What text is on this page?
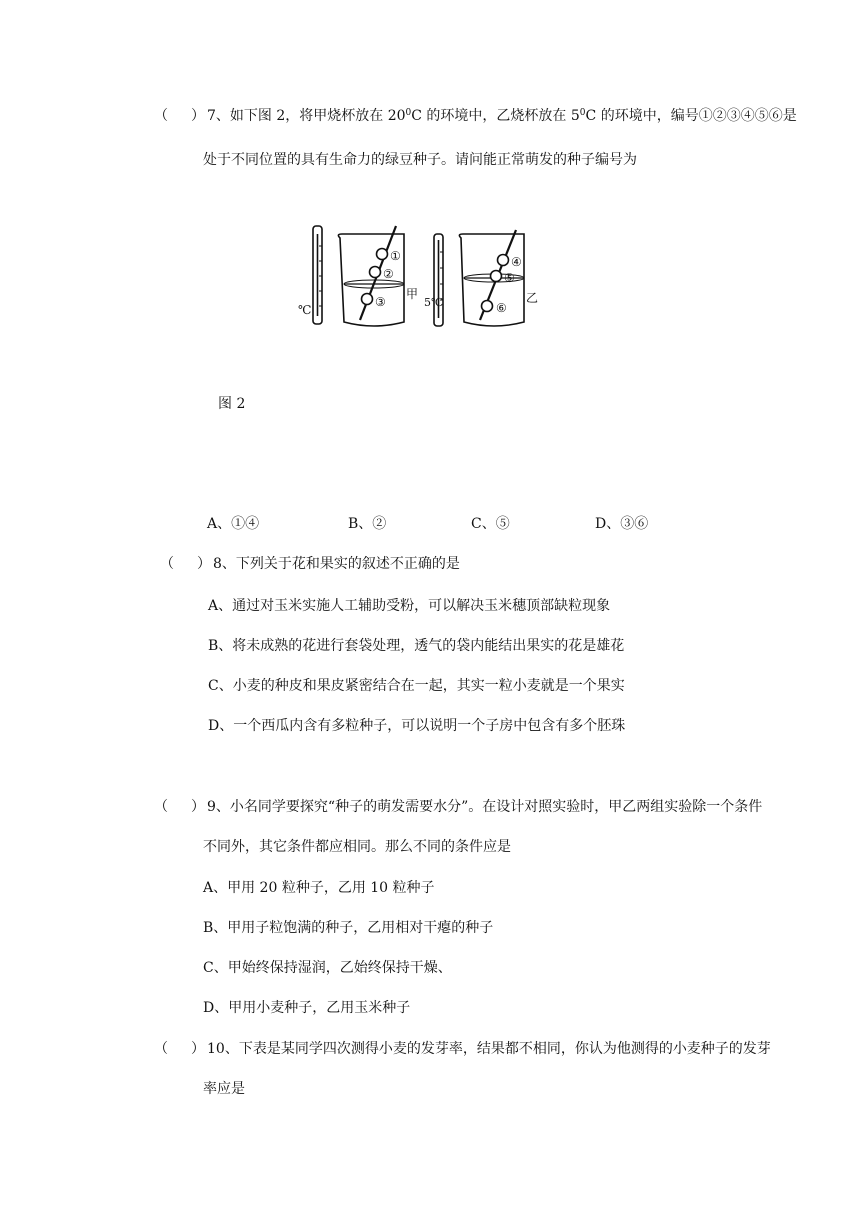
（ ） 7、如下图 2，将甲烧杯放在 $20^0C$ 的环境中，乙烧杯放在 $5^0C$ 的环境中，编号①②③④⑤⑥是
处于不同位置的具有生命力的绿豆种子。请问能正常萌发的种子编号为
℃
甲
5℃	乙
①
②
③
④
⑤
⑥
图 2
A、①④	B、②	C、⑤	D、③⑥
（ ） 8、下列关于花和果实的叙述不正确的是
A、通过对玉米实施人工辅助受粉，可以解决玉米穗顶部缺粒现象
B、将未成熟的花进行套袋处理，透气的袋内能结出果实的花是雄花
C、小麦的种皮和果皮紧密结合在一起，其实一粒小麦就是一个果实
D、一个西瓜内含有多粒种子，可以说明一个子房中包含有多个胚珠
（ ） 9、小名同学要探究“种子的萌发需要水分”。在设计对照实验时，甲乙两组实验除一个条件
不同外，其它条件都应相同。那么不同的条件应是
A、甲用 20 粒种子，乙用 10 粒种子
B、甲用子粒饱满的种子，乙用相对干瘪的种子
C、甲始终保持湿润，乙始终保持干燥、
D、甲用小麦种子，乙用玉米种子
（ ） 10、下表是某同学四次测得小麦的发芽率，结果都不相同，你认为他测得的小麦种子的发芽
率应是
